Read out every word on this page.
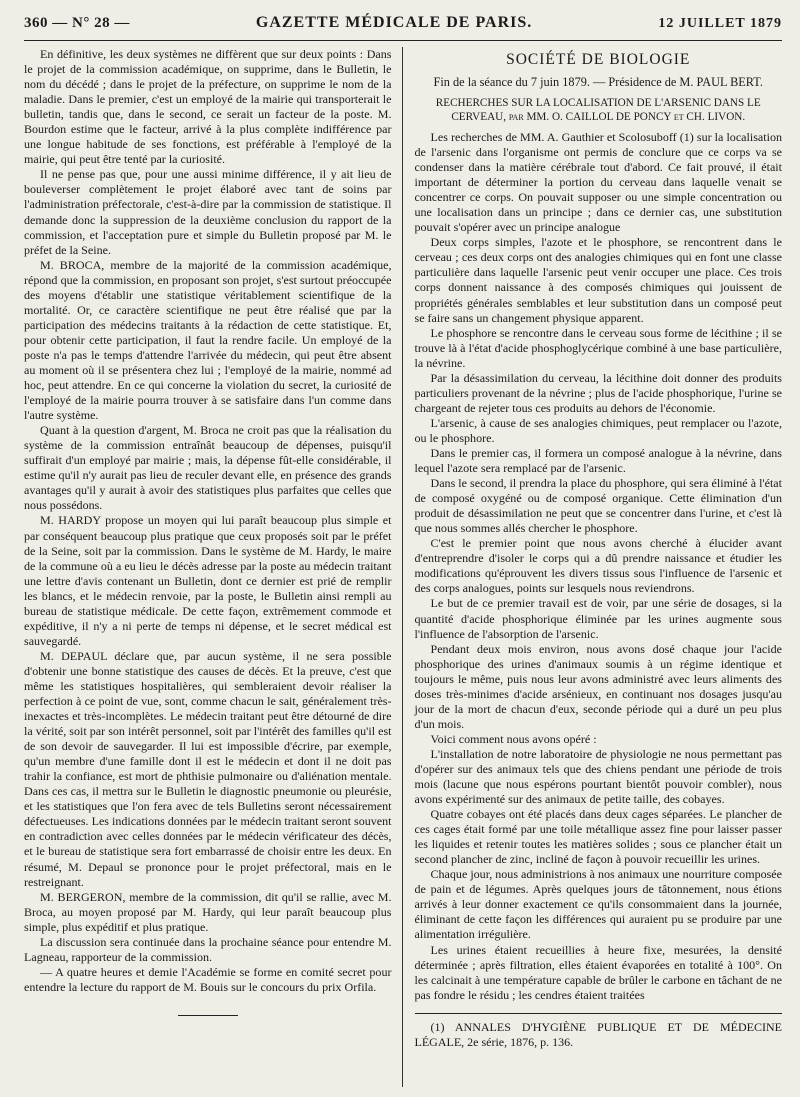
360 — N° 28 —	GAZETTE MÉDICALE DE PARIS.	12 JUILLET 1879

En définitive, les deux systèmes ne diffèrent que sur deux points : Dans le projet de la commission académique, on supprime, dans le Bulletin, le nom du décédé ; dans le projet de la préfecture, on supprime le nom de la maladie. Dans le premier, c'est un employé de la mairie qui transporterait le bulletin, tandis que, dans le second, ce serait un facteur de la poste. M. Bourdon estime que le facteur, arrivé à la plus complète indifférence par une longue habitude de ses fonctions, est préférable à l'employé de la mairie, qui peut être tenté par la curiosité.

Il ne pense pas que, pour une aussi minime différence, il y ait lieu de bouleverser complètement le projet élaboré avec tant de soins par l'administration préfectorale, c'est-à-dire par la commission de statistique. Il demande donc la suppression de la deuxième conclusion du rapport de la commission, et l'acceptation pure et simple du Bulletin proposé par M. le préfet de la Seine.

M. BROCA, membre de la majorité de la commission académique, répond que la commission, en proposant son projet, s'est surtout préoccupée des moyens d'établir une statistique véritablement scientifique de la mortalité. Or, ce caractère scientifique ne peut être réalisé que par la participation des médecins traitants à la rédaction de cette statistique. Et, pour obtenir cette participation, il faut la rendre facile. Un employé de la poste n'a pas le temps d'attendre l'arrivée du médecin, qui peut être absent au moment où il se présentera chez lui ; l'employé de la mairie, nommé ad hoc, peut attendre. En ce qui concerne la violation du secret, la curiosité de l'employé de la mairie pourra trouver à se satisfaire dans l'un comme dans l'autre système.

Quant à la question d'argent, M. Broca ne croit pas que la réalisation du système de la commission entraînât beaucoup de dépenses, puisqu'il suffirait d'un employé par mairie ; mais, la dépense fût-elle considérable, il estime qu'il n'y aurait pas lieu de reculer devant elle, en présence des grands avantages qu'il y aurait à avoir des statistiques plus parfaites que celles que nous possédons.

M. HARDY propose un moyen qui lui paraît beaucoup plus simple et par conséquent beaucoup plus pratique que ceux proposés soit par le préfet de la Seine, soit par la commission. Dans le système de M. Hardy, le maire de la commune où a eu lieu le décès adresse par la poste au médecin traitant une lettre d'avis contenant un Bulletin, dont ce dernier est prié de remplir les blancs, et le médecin renvoie, par la poste, le Bulletin ainsi rempli au bureau de statistique médicale. De cette façon, extrêmement commode et expéditive, il n'y a ni perte de temps ni dépense, et le secret médical est sauvegardé.

M. DEPAUL déclare que, par aucun système, il ne sera possible d'obtenir une bonne statistique des causes de décès. Et la preuve, c'est que même les statistiques hospitalières, qui sembleraient devoir réaliser la perfection à ce point de vue, sont, comme chacun le sait, généralement très-inexactes et très-incomplètes. Le médecin traitant peut être détourné de dire la vérité, soit par son intérêt personnel, soit par l'intérêt des familles qu'il est de son devoir de sauvegarder. Il lui est impossible d'écrire, par exemple, qu'un membre d'une famille dont il est le médecin et dont il ne doit pas trahir la confiance, est mort de phthisie pulmonaire ou d'aliénation mentale. Dans ces cas, il mettra sur le Bulletin le diagnostic pneumonie ou pleurésie, et les statistiques que l'on fera avec de tels Bulletins seront nécessairement défectueuses. Les indications données par le médecin traitant seront souvent en contradiction avec celles données par le médecin vérificateur des décès, et le bureau de statistique sera fort embarrassé de choisir entre les deux. En résumé, M. Depaul se prononce pour le projet préfectoral, mais en le restreignant.

M. BERGERON, membre de la commission, dit qu'il se rallie, avec M. Broca, au moyen proposé par M. Hardy, qui leur paraît beaucoup plus simple, plus expéditif et plus pratique.

La discussion sera continuée dans la prochaine séance pour entendre M. Lagneau, rapporteur de la commission.

— A quatre heures et demie l'Académie se forme en comité secret pour entendre la lecture du rapport de M. Bouis sur le concours du prix Orfila.

SOCIÉTÉ DE BIOLOGIE
Fin de la séance du 7 juin 1879. — Présidence de M. PAUL BERT.
RECHERCHES SUR LA LOCALISATION DE L'ARSENIC DANS LE CERVEAU, par MM. O. CAILLOL DE PONCY et CH. LIVON.

Les recherches de MM. A. Gauthier et Scolosuboff (1) sur la localisation de l'arsenic dans l'organisme ont permis de conclure que ce corps va se condenser dans la matière cérébrale tout d'abord. Ce fait prouvé, il était important de déterminer la portion du cerveau dans laquelle venait se concentrer ce corps. On pouvait supposer ou une simple concentration ou une localisation dans un principe ; dans ce dernier cas, une substitution pouvait s'opérer avec un principe analogue

Deux corps simples, l'azote et le phosphore, se rencontrent dans le cerveau ; ces deux corps ont des analogies chimiques qui en font une classe particulière dans laquelle l'arsenic peut venir occuper une place. Ces trois corps donnent naissance à des composés chimiques qui jouissent de propriétés générales semblables et leur substitution dans un composé peut se faire sans un changement physique apparent.

Le phosphore se rencontre dans le cerveau sous forme de lécithine ; il se trouve là à l'état d'acide phosphoglycérique combiné à une base particulière, la névrine.

Par la désassimilation du cerveau, la lécithine doit donner des produits particuliers provenant de la névrine ; plus de l'acide phosphorique, l'urine se chargeant de rejeter tous ces produits au dehors de l'économie.

L'arsenic, à cause de ses analogies chimiques, peut remplacer ou l'azote, ou le phosphore.

Dans le premier cas, il formera un composé analogue à la névrine, dans lequel l'azote sera remplacé par de l'arsenic.

Dans le second, il prendra la place du phosphore, qui sera éliminé à l'état de composé oxygéné ou de composé organique. Cette élimination d'un produit de désassimilation ne peut que se concentrer dans l'urine, et c'est là que nous sommes allés chercher le phosphore.

C'est le premier point que nous avons cherché à élucider avant d'entreprendre d'isoler le corps qui a dû prendre naissance et étudier les modifications qu'éprouvent les divers tissus sous l'influence de l'arsenic et des corps analogues, points sur lesquels nous reviendrons.

Le but de ce premier travail est de voir, par une série de dosages, si la quantité d'acide phosphorique éliminée par les urines augmente sous l'influence de l'absorption de l'arsenic.

Pendant deux mois environ, nous avons dosé chaque jour l'acide phosphorique des urines d'animaux soumis à un régime identique et toujours le même, puis nous leur avons administré avec leurs aliments des doses très-minimes d'acide arsénieux, en continuant nos dosages jusqu'au jour de la mort de chacun d'eux, seconde période qui a duré un peu plus d'un mois.

Voici comment nous avons opéré :

L'installation de notre laboratoire de physiologie ne nous permettant pas d'opérer sur des animaux tels que des chiens pendant une période de trois mois (lacune que nous espérons pourtant bientôt pouvoir combler), nous avons expérimenté sur des animaux de petite taille, des cobayes.

Quatre cobayes ont été placés dans deux cages séparées. Le plancher de ces cages était formé par une toile métallique assez fine pour laisser passer les liquides et retenir toutes les matières solides ; sous ce plancher était un second plancher de zinc, incliné de façon à pouvoir recueillir les urines.

Chaque jour, nous administrions à nos animaux une nourriture composée de pain et de légumes. Après quelques jours de tâtonnement, nous étions arrivés à leur donner exactement ce qu'ils consommaient dans la journée, éliminant de cette façon les différences qui auraient pu se produire par une alimentation irrégulière.

Les urines étaient recueillies à heure fixe, mesurées, la densité déterminée ; après filtration, elles étaient évaporées en totalité à 100°. On les calcinait à une température capable de brûler le carbone en tâchant de ne pas fondre le résidu ; les cendres étaient traitées

(1) ANNALES D'HYGIÈNE PUBLIQUE ET DE MÉDECINE LÉGALE, 2e série, 1876, p. 136.
